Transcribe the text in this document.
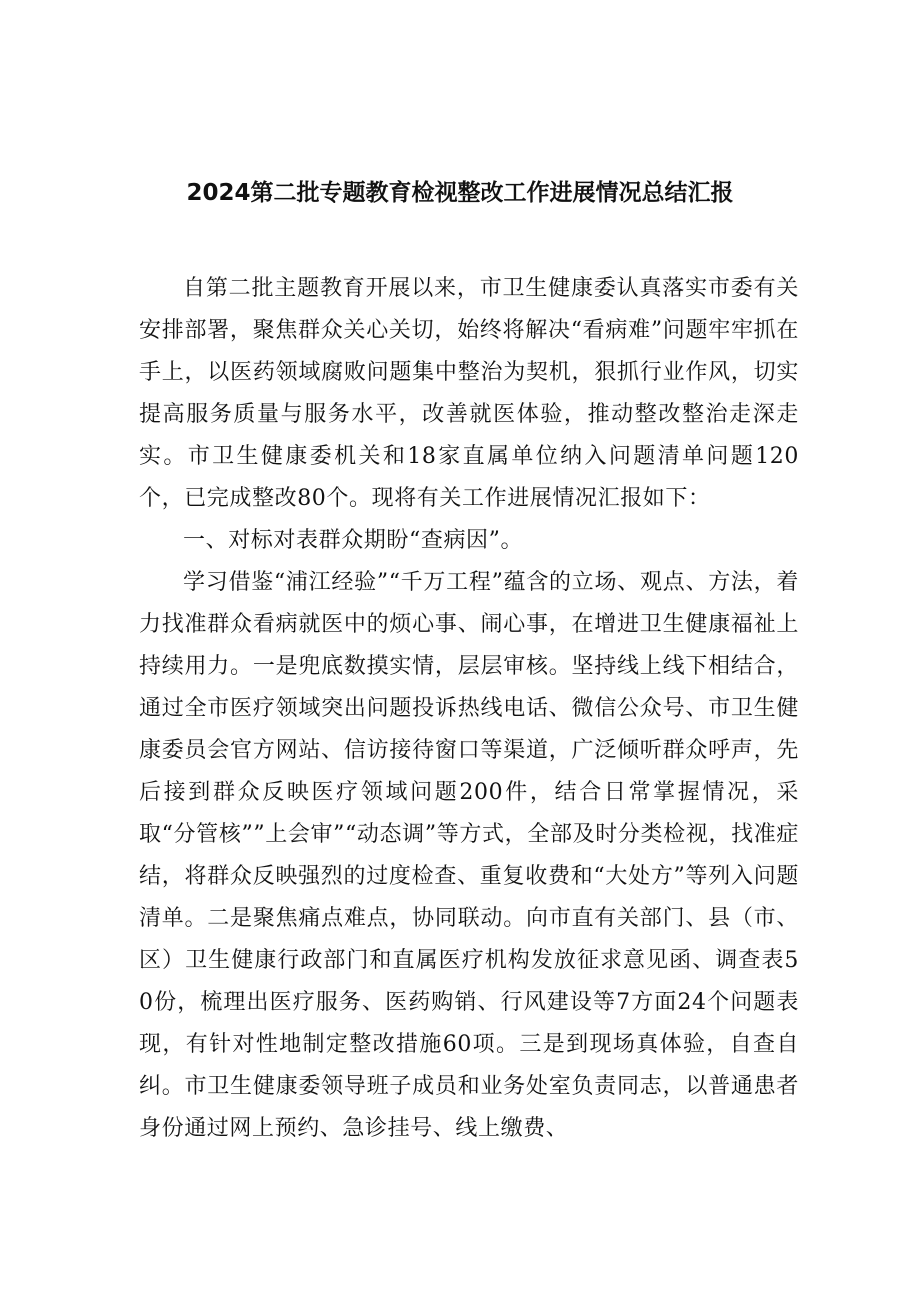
2024第二批专题教育检视整改工作进展情况总结汇报

自第二批主题教育开展以来，市卫生健康委认真落实市委有关安排部署，聚焦群众关心关切，始终将解决“看病难”问题牢牢抓在手上，以医药领域腐败问题集中整治为契机，狠抓行业作风，切实提高服务质量与服务水平，改善就医体验，推动整改整治走深走实。市卫生健康委机关和18家直属单位纳入问题清单问题120个，已完成整改80个。现将有关工作进展情况汇报如下：

一、对标对表群众期盼“查病因”。

学习借鉴“浦江经验”“千万工程”蕴含的立场、观点、方法，着力找准群众看病就医中的烦心事、闹心事，在增进卫生健康福祉上持续用力。一是兜底数摸实情，层层审核。坚持线上线下相结合，通过全市医疗领域突出问题投诉热线电话、微信公众号、市卫生健康委员会官方网站、信访接待窗口等渠道，广泛倾听群众呼声，先后接到群众反映医疗领域问题200件，结合日常掌握情况，采取“分管核””上会审”“动态调”等方式，全部及时分类检视，找准症结，将群众反映强烈的过度检查、重复收费和“大处方”等列入问题清单。二是聚焦痛点难点，协同联动。向市直有关部门、县（市、区）卫生健康行政部门和直属医疗机构发放征求意见函、调查表50份，梳理出医疗服务、医药购销、行风建设等7方面24个问题表现，有针对性地制定整改措施60项。三是到现场真体验，自查自纠。市卫生健康委领导班子成员和业务处室负责同志，以普通患者身份通过网上预约、急诊挂号、线上缴费、
